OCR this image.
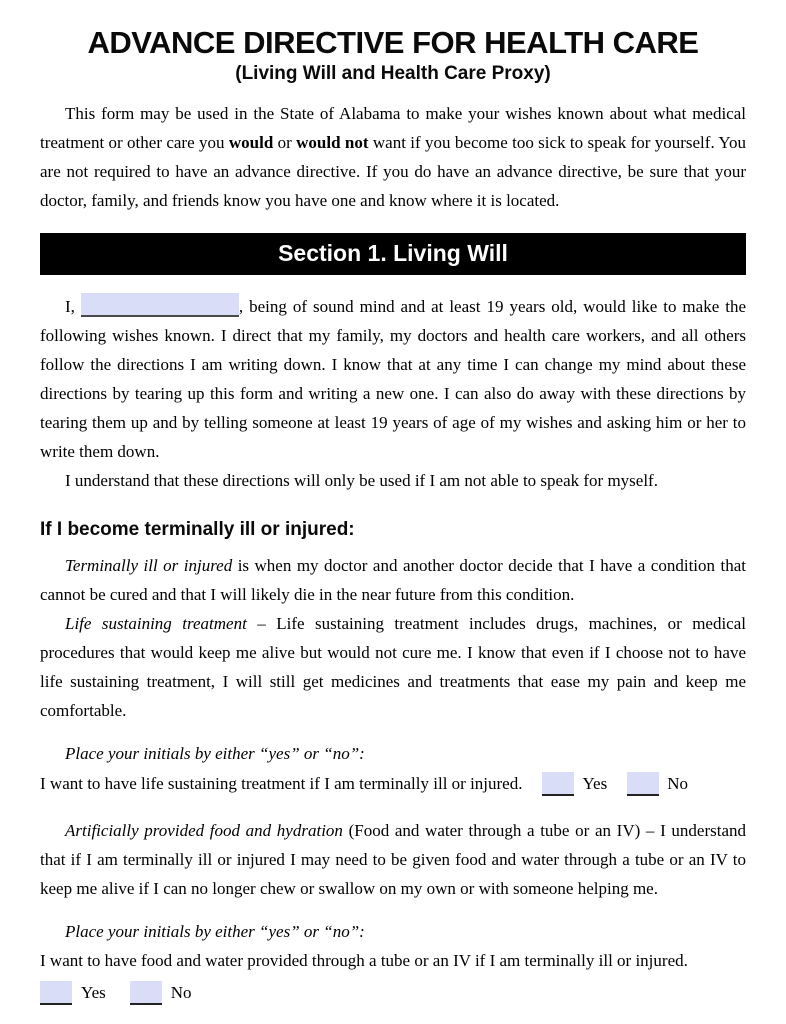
ADVANCE DIRECTIVE FOR HEALTH CARE
(Living Will and Health Care Proxy)

This form may be used in the State of Alabama to make your wishes known about what medical treatment or other care you would or would not want if you become too sick to speak for yourself. You are not required to have an advance directive. If you do have an advance directive, be sure that your doctor, family, and friends know you have one and know where it is located.

Section 1. Living Will

I,	, being of sound mind and at least 19 years old, would like to make the following wishes known. I direct that my family, my doctors and health care workers, and all others follow the directions I am writing down. I know that at any time I can change my mind about these directions by tearing up this form and writing a new one. I can also do away with these directions by tearing them up and by telling someone at least 19 years of age of my wishes and asking him or her to write them down.

I understand that these directions will only be used if I am not able to speak for myself.

If I become terminally ill or injured:

Terminally ill or injured is when my doctor and another doctor decide that I have a condition that cannot be cured and that I will likely die in the near future from this condition.

Life sustaining treatment – Life sustaining treatment includes drugs, machines, or medical procedures that would keep me alive but would not cure me. I know that even if I choose not to have life sustaining treatment, I will still get medicines and treatments that ease my pain and keep me comfortable.

Place your initials by either “yes” or “no”:

I want to have life sustaining treatment if I am terminally ill or injured.	Yes	No

Artificially provided food and hydration (Food and water through a tube or an IV) – I understand that if I am terminally ill or injured I may need to be given food and water through a tube or an IV to keep me alive if I can no longer chew or swallow on my own or with someone helping me.

Place your initials by either “yes” or “no”:

I want to have food and water provided through a tube or an IV if I am terminally ill or injured.

Yes	No
